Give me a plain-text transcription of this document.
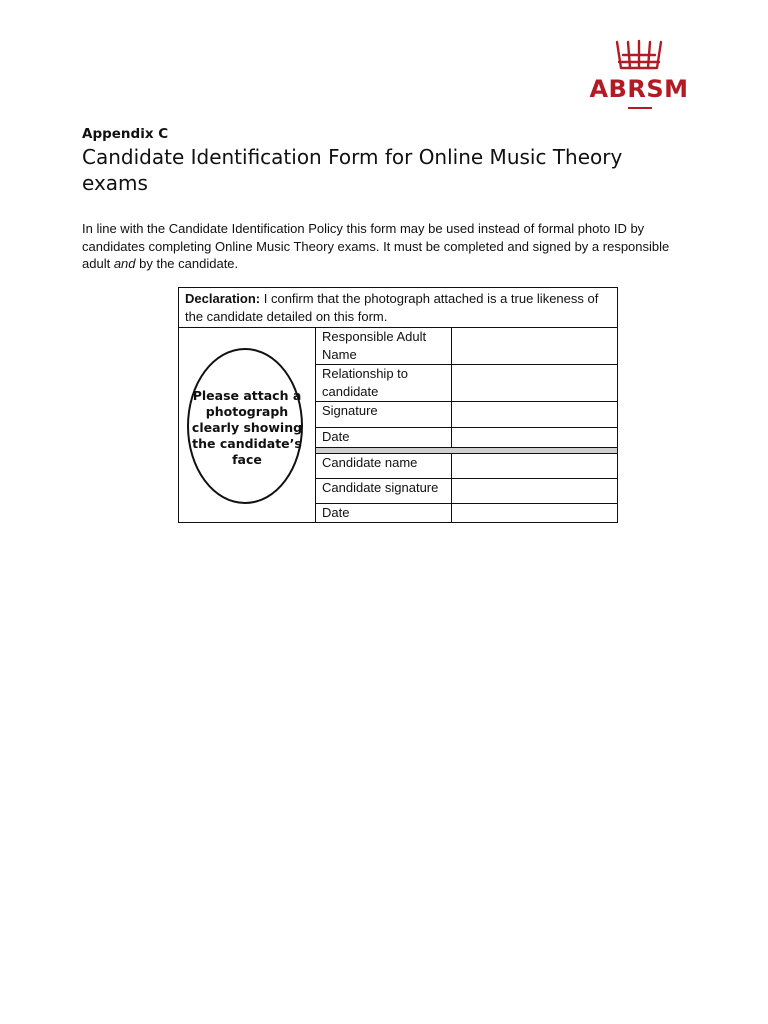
ABRSM
Appendix C
Candidate Identification Form for Online Music Theory exams

In line with the Candidate Identification Policy this form may be used instead of formal photo ID by candidates completing Online Music Theory exams. It must be completed and signed by a responsible adult and by the candidate.

Declaration: I confirm that the photograph attached is a true likeness of the candidate detailed on this form.
Please attach a
photograph
clearly showing
the candidate’s
face
Responsible Adult Name
Relationship to candidate
Signature
Date
Candidate name
Candidate signature
Date
